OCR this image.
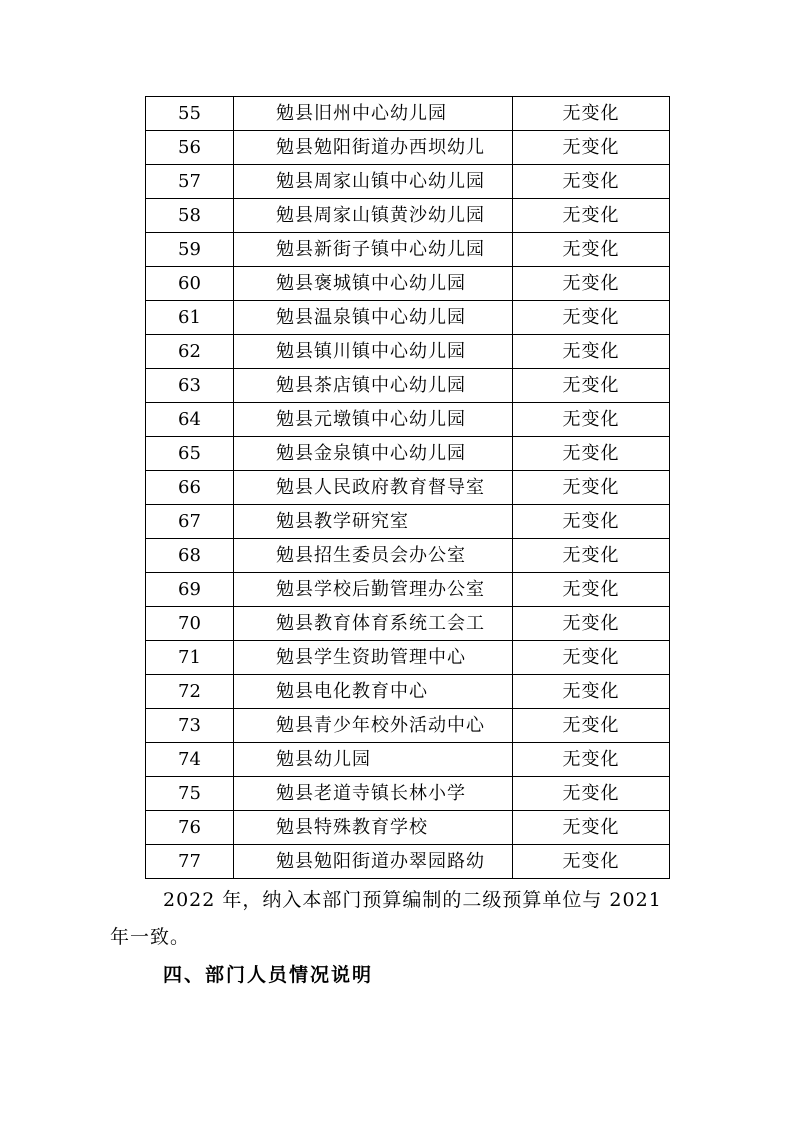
55	勉县旧州中心幼儿园	无变化
56	勉县勉阳街道办西坝幼儿	无变化
57	勉县周家山镇中心幼儿园	无变化
58	勉县周家山镇黄沙幼儿园	无变化
59	勉县新街子镇中心幼儿园	无变化
60	勉县褒城镇中心幼儿园	无变化
61	勉县温泉镇中心幼儿园	无变化
62	勉县镇川镇中心幼儿园	无变化
63	勉县茶店镇中心幼儿园	无变化
64	勉县元墩镇中心幼儿园	无变化
65	勉县金泉镇中心幼儿园	无变化
66	勉县人民政府教育督导室	无变化
67	勉县教学研究室	无变化
68	勉县招生委员会办公室	无变化
69	勉县学校后勤管理办公室	无变化
70	勉县教育体育系统工会工	无变化
71	勉县学生资助管理中心	无变化
72	勉县电化教育中心	无变化
73	勉县青少年校外活动中心	无变化
74	勉县幼儿园	无变化
75	勉县老道寺镇长林小学	无变化
76	勉县特殊教育学校	无变化
77	勉县勉阳街道办翠园路幼	无变化
2022 年，纳入本部门预算编制的二级预算单位与 2021
年一致。
四、部门人员情况说明
